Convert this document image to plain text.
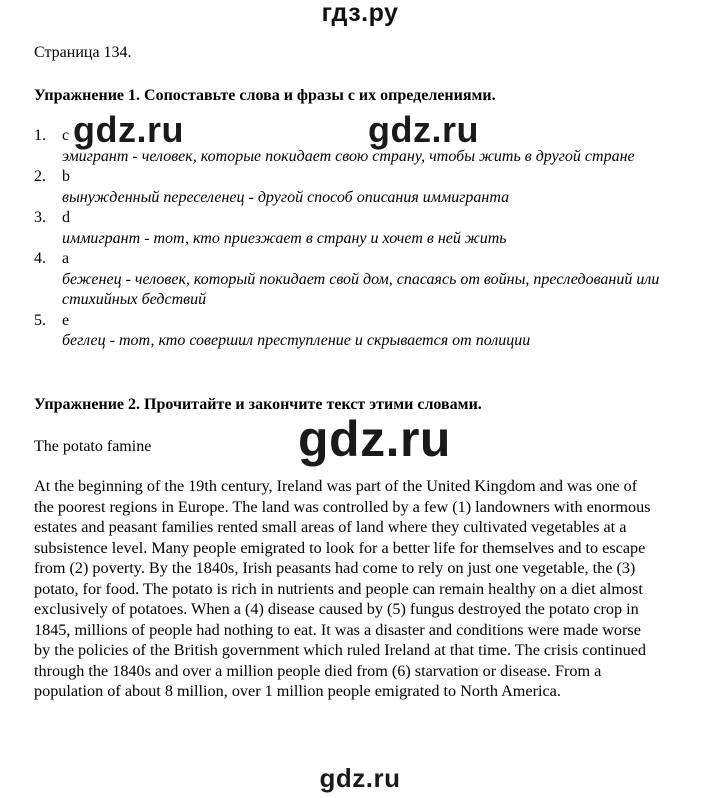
гдз.ру
Страница 134.
Упражнение 1. Сопоставьте слова и фразы с их определениями.
1. c
эмигрант - человек, которые покидает свою страну, чтобы жить в другой стране
2. b
вынужденный переселенец - другой способ описания иммигранта
3. d
иммигрант - тот, кто приезжает в страну и хочет в ней жить
4. a
беженец - человек, который покидает свой дом, спасаясь от войны, преследований или стихийных бедствий
5. e
беглец - тот, кто совершил преступление и скрывается от полиции
Упражнение 2. Прочитайте и закончите текст этими словами.
The potato famine
At the beginning of the 19th century, Ireland was part of the United Kingdom and was one of the poorest regions in Europe. The land was controlled by a few (1) landowners with enormous estates and peasant families rented small areas of land where they cultivated vegetables at a subsistence level. Many people emigrated to look for a better life for themselves and to escape from (2) poverty. By the 1840s, Irish peasants had come to rely on just one vegetable, the (3) potato, for food. The potato is rich in nutrients and people can remain healthy on a diet almost exclusively of potatoes. When a (4) disease caused by (5) fungus destroyed the potato crop in 1845, millions of people had nothing to eat. It was a disaster and conditions were made worse by the policies of the British government which ruled Ireland at that time. The crisis continued through the 1840s and over a million people died from (6) starvation or disease. From a population of about 8 million, over 1 million people emigrated to North America.
gdz.ru	gdz.ru
gdz.ru
gdz.ru
